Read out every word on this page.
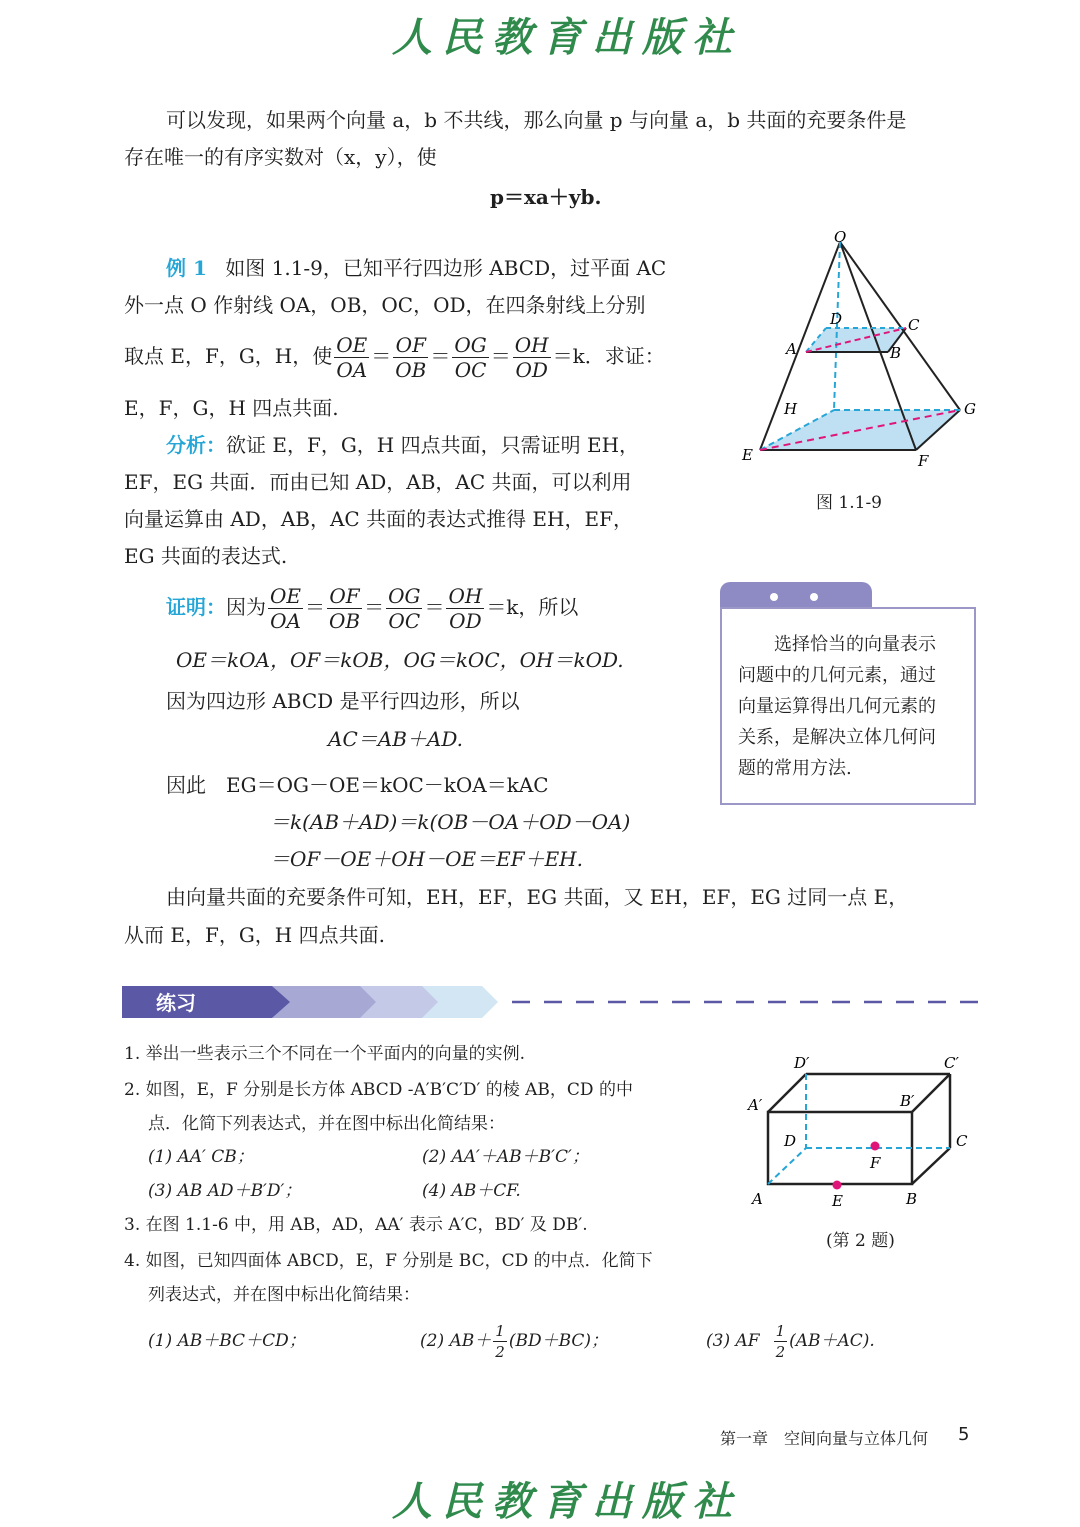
人民教育出版社
可以发现，如果两个向量 a，b 不共线，那么向量 p 与向量 a，b 共面的充要条件是
存在唯一的有序实数对（x，y），使
p＝xa＋yb.
例 1 如图 1.1-9，已知平行四边形 ABCD，过平面 AC
外一点 O 作射线 OA，OB，OC，OD，在四条射线上分别
取点 E，F，G，H，使 $\frac{OE}{OA} = \frac{OF}{OB} = \frac{OG}{OC} = \frac{OH}{OD} =k$．求证：
E，F，G，H 四点共面.
分析：欲证 E，F，G，H 四点共面，只需证明 EH，
EF，EG 共面．而由已知 AD，AB，AC 共面，可以利用
向量运算由 AD，AB，AC 共面的表达式推得 EH，EF，
EG 共面的表达式.
O
A	B
C
D
E	F
G
H
图 1.1-9
证明：因为 $\frac{OE}{OA} = \frac{OF}{OB} = \frac{OG}{OC} = \frac{OH}{OD} =k$，所以
OE＝kOA，OF＝kOB，OG＝kOC，OH＝kOD.
因为四边形 ABCD 是平行四边形，所以
AC＝AB＋AD.
因此　EG＝OG－OE＝kOC－kOA＝kAC
＝k(AB＋AD)＝k(OB－OA＋OD－OA)
＝OF－OE＋OH－OE＝EF＋EH.
选择恰当的向量表示
问题中的几何元素，通过
向量运算得出几何元素的
关系，是解决立体几何问
题的常用方法.
由向量共面的充要条件可知，EH，EF，EG 共面，又 EH，EF，EG 过同一点 E，
从而 E，F，G，H 四点共面.
练习
1. 举出一些表示三个不同在一个平面内的向量的实例.
2. 如图，E，F 分别是长方体 ABCD -A′B′C′D′ 的棱 AB，CD 的中
点．化简下列表达式，并在图中标出化简结果：
(1) AA′ CB；	(2) AA′＋AB＋B′C′；
(3) AB AD＋B′D′；	(4) AB＋CF.
3. 在图 1.1-6 中，用 AB，AD，AA′ 表示 A′C，BD′ 及 DB′.
4. 如图，已知四面体 ABCD，E，F 分别是 BC，CD 的中点．化简下
列表达式，并在图中标出化简结果：
(1) AB＋BC＋CD；	(2) $AB+ \frac{1}{2} (BD+BC)$；	(3) AF $\frac{1}{2} (AB+AC)$.
A	B
C
D
A′	B′
C′
D′
E
F
(第 2 题)
第一章　空间向量与立体几何 5
人民教育出版社
